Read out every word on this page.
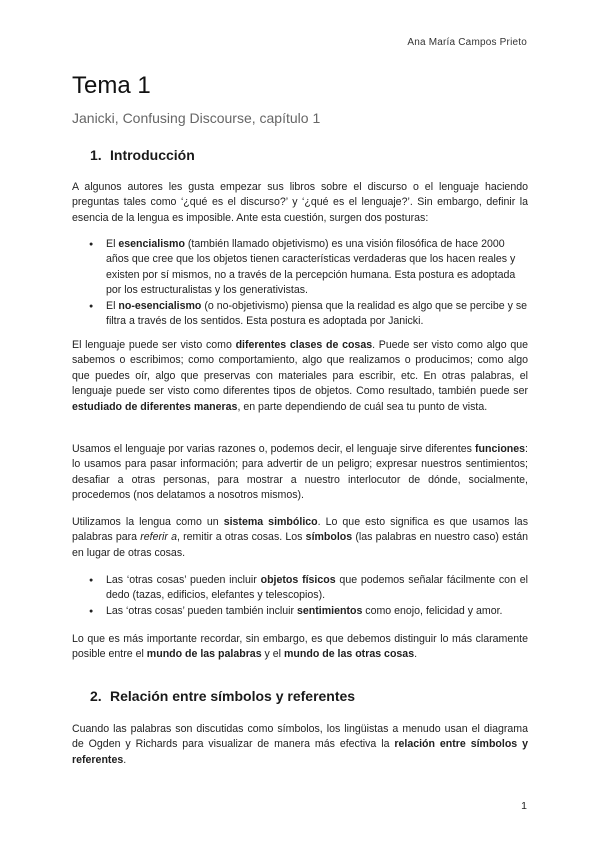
Ana María Campos Prieto
Tema 1
Janicki, Confusing Discourse, capítulo 1
1. Introducción

A algunos autores les gusta empezar sus libros sobre el discurso o el lenguaje haciendo preguntas tales como ‘¿qué es el discurso?’ y ‘¿qué es el lenguaje?’. Sin embargo, definir la esencia de la lengua es imposible. Ante esta cuestión, surgen dos posturas:

● El esencialismo (también llamado objetivismo) es una visión filosófica de hace 2000 años que cree que los objetos tienen características verdaderas que los hacen reales y existen por sí mismos, no a través de la percepción humana. Esta postura es adoptada por los estructuralistas y los generativistas.
● El no-esencialismo (o no-objetivismo) piensa que la realidad es algo que se percibe y se filtra a través de los sentidos. Esta postura es adoptada por Janicki.

El lenguaje puede ser visto como diferentes clases de cosas. Puede ser visto como algo que sabemos o escribimos; como comportamiento, algo que realizamos o producimos; como algo que puedes oír, algo que preservas con materiales para escribir, etc. En otras palabras, el lenguaje puede ser visto como diferentes tipos de objetos. Como resultado, también puede ser estudiado de diferentes maneras, en parte dependiendo de cuál sea tu punto de vista.

Usamos el lenguaje por varias razones o, podemos decir, el lenguaje sirve diferentes funciones: lo usamos para pasar información; para advertir de un peligro; expresar nuestros sentimientos; desafiar a otras personas, para mostrar a nuestro interlocutor de dónde, socialmente, procedemos (nos delatamos a nosotros mismos).

Utilizamos la lengua como un sistema simbólico. Lo que esto significa es que usamos las palabras para referir a, remitir a otras cosas. Los símbolos (las palabras en nuestro caso) están en lugar de otras cosas.

● Las ‘otras cosas’ pueden incluir objetos físicos que podemos señalar fácilmente con el dedo (tazas, edificios, elefantes y telescopios).
● Las ‘otras cosas’ pueden también incluir sentimientos como enojo, felicidad y amor.

Lo que es más importante recordar, sin embargo, es que debemos distinguir lo más claramente posible entre el mundo de las palabras y el mundo de las otras cosas.

2. Relación entre símbolos y referentes

Cuando las palabras son discutidas como símbolos, los lingüistas a menudo usan el diagrama de Ogden y Richards para visualizar de manera más efectiva la relación entre símbolos y referentes.

1
